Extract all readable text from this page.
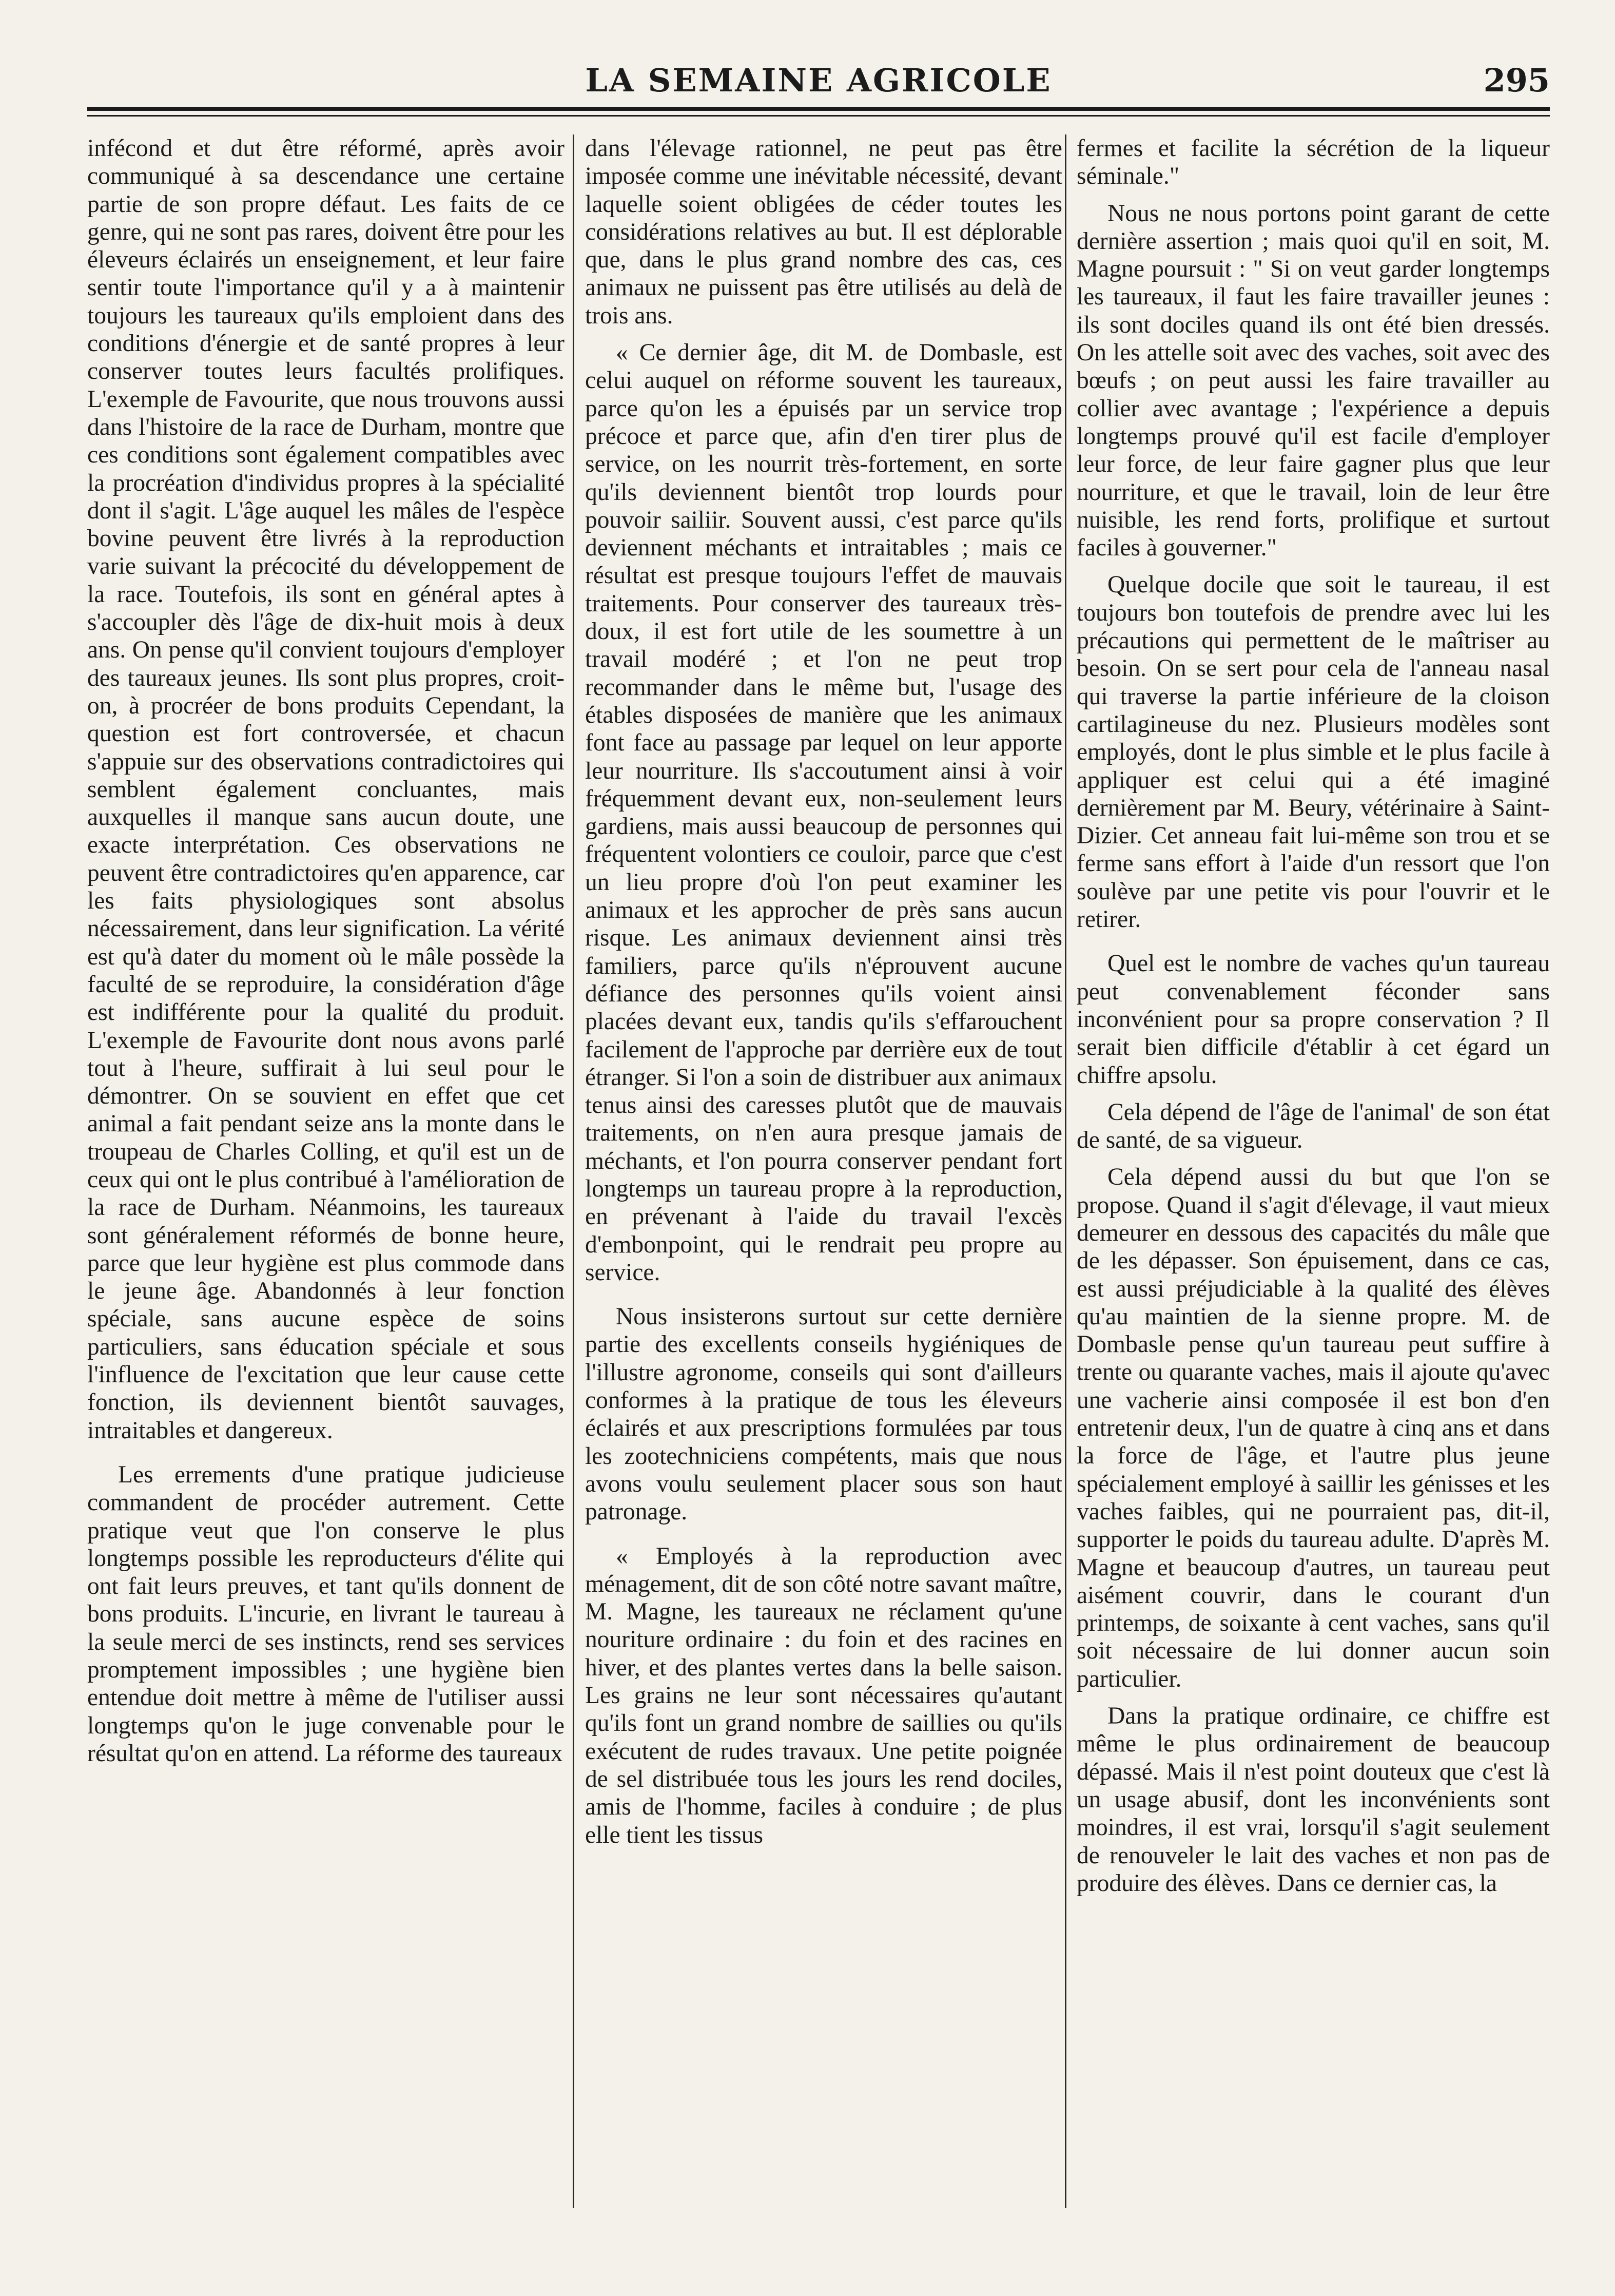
LA SEMAINE AGRICOLE	295

infécond et dut être réformé, après avoir communiqué à sa descendance une certaine partie de son propre défaut. Les faits de ce genre, qui ne sont pas rares, doivent être pour les éleveurs éclairés un enseignement, et leur faire sentir toute l'importance qu'il y a à maintenir toujours les taureaux qu'ils emploient dans des conditions d'énergie et de santé propres à leur conserver toutes leurs facultés prolifiques. L'exemple de Favourite, que nous trouvons aussi dans l'histoire de la race de Durham, montre que ces conditions sont également compatibles avec la procréation d'individus propres à la spécialité dont il s'agit. L'âge auquel les mâles de l'espèce bovine peuvent être livrés à la reproduction varie suivant la précocité du développement de la race. Toutefois, ils sont en général aptes à s'accoupler dès l'âge de dix-huit mois à deux ans. On pense qu'il convient toujours d'employer des taureaux jeunes. Ils sont plus propres, croit-on, à procréer de bons produits Cependant, la question est fort controversée, et chacun s'appuie sur des observations contradictoires qui semblent également concluantes, mais auxquelles il manque sans aucun doute, une exacte interprétation. Ces observations ne peuvent être contradictoires qu'en apparence, car les faits physiologiques sont absolus nécessairement, dans leur signification. La vérité est qu'à dater du moment où le mâle possède la faculté de se reproduire, la considération d'âge est indifférente pour la qualité du produit. L'exemple de Favourite dont nous avons parlé tout à l'heure, suffirait à lui seul pour le démontrer. On se souvient en effet que cet animal a fait pendant seize ans la monte dans le troupeau de Charles Colling, et qu'il est un de ceux qui ont le plus contribué à l'amélioration de la race de Durham. Néanmoins, les taureaux sont généralement réformés de bonne heure, parce que leur hygiène est plus commode dans le jeune âge. Abandonnés à leur fonction spéciale, sans aucune espèce de soins particuliers, sans éducation spéciale et sous l'influence de l'excitation que leur cause cette fonction, ils deviennent bientôt sauvages, intraitables et dangereux.

Les errements d'une pratique judicieuse commandent de procéder autrement. Cette pratique veut que l'on conserve le plus longtemps possible les reproducteurs d'élite qui ont fait leurs preuves, et tant qu'ils donnent de bons produits. L'incurie, en livrant le taureau à la seule merci de ses instincts, rend ses services promptement impossibles ; une hygiène bien entendue doit mettre à même de l'utiliser aussi longtemps qu'on le juge convenable pour le résultat qu'on en attend. La réforme des taureaux

dans l'élevage rationnel, ne peut pas être imposée comme une inévitable nécessité, devant laquelle soient obligées de céder toutes les considérations relatives au but. Il est déplorable que, dans le plus grand nombre des cas, ces animaux ne puissent pas être utilisés au delà de trois ans.

« Ce dernier âge, dit M. de Dombasle, est celui auquel on réforme souvent les taureaux, parce qu'on les a épuisés par un service trop précoce et parce que, afin d'en tirer plus de service, on les nourrit très-fortement, en sorte qu'ils deviennent bientôt trop lourds pour pouvoir sailiir. Souvent aussi, c'est parce qu'ils deviennent méchants et intraitables ; mais ce résultat est presque toujours l'effet de mauvais traitements. Pour conserver des taureaux très-doux, il est fort utile de les soumettre à un travail modéré ; et l'on ne peut trop recommander dans le même but, l'usage des étables disposées de manière que les animaux font face au passage par lequel on leur apporte leur nourriture. Ils s'accoutument ainsi à voir fréquemment devant eux, non-seulement leurs gardiens, mais aussi beaucoup de personnes qui fréquentent volontiers ce couloir, parce que c'est un lieu propre d'où l'on peut examiner les animaux et les approcher de près sans aucun risque. Les animaux deviennent ainsi très familiers, parce qu'ils n'éprouvent aucune défiance des personnes qu'ils voient ainsi placées devant eux, tandis qu'ils s'effarouchent facilement de l'approche par derrière eux de tout étranger. Si l'on a soin de distribuer aux animaux tenus ainsi des caresses plutôt que de mauvais traitements, on n'en aura presque jamais de méchants, et l'on pourra conserver pendant fort longtemps un taureau propre à la reproduction, en prévenant à l'aide du travail l'excès d'embonpoint, qui le rendrait peu propre au service.

Nous insisterons surtout sur cette dernière partie des excellents conseils hygiéniques de l'illustre agronome, conseils qui sont d'ailleurs conformes à la pratique de tous les éleveurs éclairés et aux prescriptions formulées par tous les zootechniciens compétents, mais que nous avons voulu seulement placer sous son haut patronage.

« Employés à la reproduction avec ménagement, dit de son côté notre savant maître, M. Magne, les taureaux ne réclament qu'une nouriture ordinaire : du foin et des racines en hiver, et des plantes vertes dans la belle saison. Les grains ne leur sont nécessaires qu'autant qu'ils font un grand nombre de saillies ou qu'ils exécutent de rudes travaux. Une petite poignée de sel distribuée tous les jours les rend dociles, amis de l'homme, faciles à conduire ; de plus elle tient les tissus

fermes et facilite la sécrétion de la liqueur séminale."

Nous ne nous portons point garant de cette dernière assertion ; mais quoi qu'il en soit, M. Magne poursuit : " Si on veut garder longtemps les taureaux, il faut les faire travailler jeunes : ils sont dociles quand ils ont été bien dressés. On les attelle soit avec des vaches, soit avec des bœufs ; on peut aussi les faire travailler au collier avec avantage ; l'expérience a depuis longtemps prouvé qu'il est facile d'employer leur force, de leur faire gagner plus que leur nourriture, et que le travail, loin de leur être nuisible, les rend forts, prolifique et surtout faciles à gouverner."

Quelque docile que soit le taureau, il est toujours bon toutefois de prendre avec lui les précautions qui permettent de le maîtriser au besoin. On se sert pour cela de l'anneau nasal qui traverse la partie inférieure de la cloison cartilagineuse du nez. Plusieurs modèles sont employés, dont le plus simble et le plus facile à appliquer est celui qui a été imaginé dernièrement par M. Beury, vétérinaire à Saint-Dizier. Cet anneau fait lui-même son trou et se ferme sans effort à l'aide d'un ressort que l'on soulève par une petite vis pour l'ouvrir et le retirer.

Quel est le nombre de vaches qu'un taureau peut convenablement féconder sans inconvénient pour sa propre conservation ? Il serait bien difficile d'établir à cet égard un chiffre apsolu.

Cela dépend de l'âge de l'animal' de son état de santé, de sa vigueur.

Cela dépend aussi du but que l'on se propose. Quand il s'agit d'élevage, il vaut mieux demeurer en dessous des capacités du mâle que de les dépasser. Son épuisement, dans ce cas, est aussi préjudiciable à la qualité des élèves qu'au maintien de la sienne propre. M. de Dombasle pense qu'un taureau peut suffire à trente ou quarante vaches, mais il ajoute qu'avec une vacherie ainsi composée il est bon d'en entretenir deux, l'un de quatre à cinq ans et dans la force de l'âge, et l'autre plus jeune spécialement employé à saillir les génisses et les vaches faibles, qui ne pourraient pas, dit-il, supporter le poids du taureau adulte. D'après M. Magne et beaucoup d'autres, un taureau peut aisément couvrir, dans le courant d'un printemps, de soixante à cent vaches, sans qu'il soit nécessaire de lui donner aucun soin particulier.

Dans la pratique ordinaire, ce chiffre est même le plus ordinairement de beaucoup dépassé. Mais il n'est point douteux que c'est là un usage abusif, dont les inconvénients sont moindres, il est vrai, lorsqu'il s'agit seulement de renouveler le lait des vaches et non pas de produire des élèves. Dans ce dernier cas, la
